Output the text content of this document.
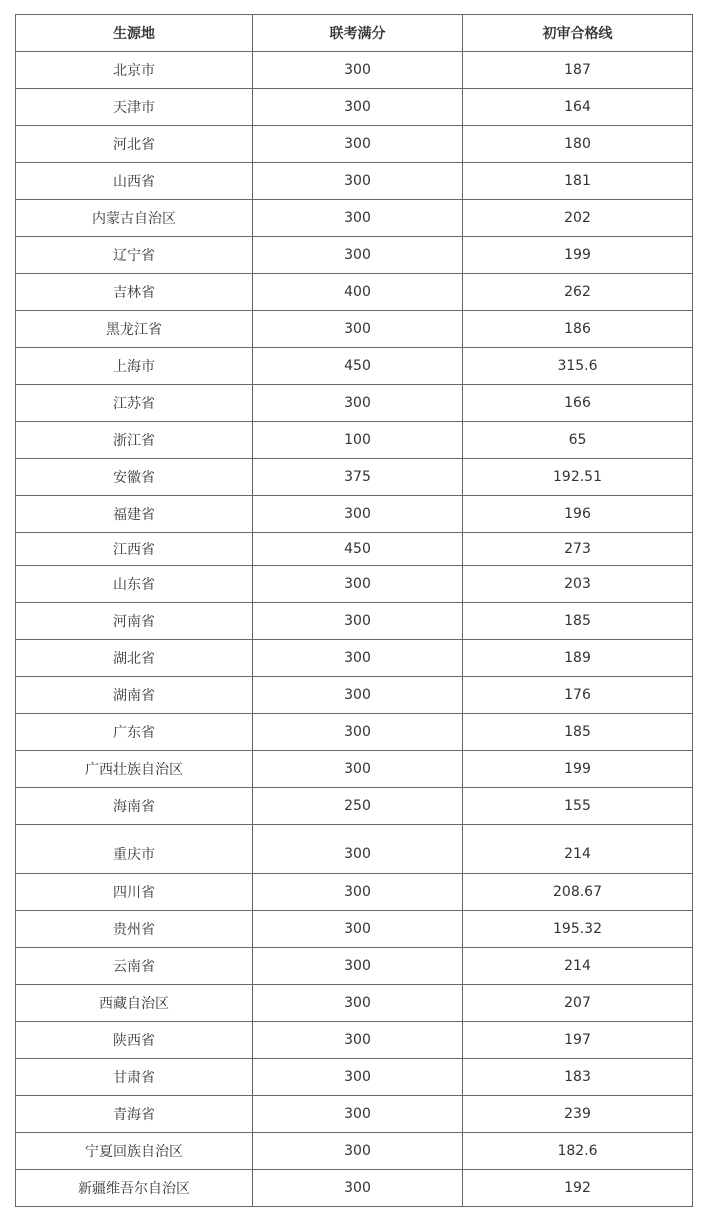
生源地	联考满分	初审合格线
北京市	300	187
天津市	300	164
河北省	300	180
山西省	300	181
内蒙古自治区	300	202
辽宁省	300	199
吉林省	400	262
黑龙江省	300	186
上海市	450	315.6
江苏省	300	166
浙江省	100	65
安徽省	375	192.51
福建省	300	196
江西省	450	273
山东省	300	203
河南省	300	185
湖北省	300	189
湖南省	300	176
广东省	300	185
广西壮族自治区	300	199
海南省	250	155
重庆市	300	214
四川省	300	208.67
贵州省	300	195.32
云南省	300	214
西藏自治区	300	207
陕西省	300	197
甘肃省	300	183
青海省	300	239
宁夏回族自治区	300	182.6
新疆维吾尔自治区	300	192
